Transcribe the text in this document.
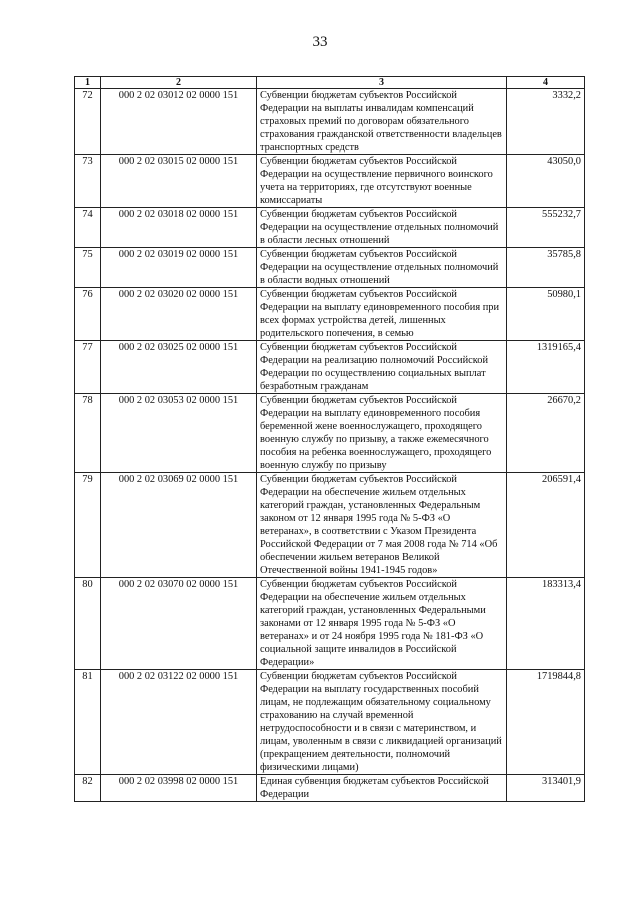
33
1	2	3	4
72	000 2 02 03012 02 0000 151	Субвенции бюджетам субъектов Российской Федерации на выплаты инвалидам компенсаций страховых премий по договорам обязательного страхования гражданской ответственности владельцев транспортных средств	3332,2
73	000 2 02 03015 02 0000 151	Субвенции бюджетам субъектов Российской Федерации на осуществление первичного воинского учета на территориях, где отсутствуют военные комиссариаты	43050,0
74	000 2 02 03018 02 0000 151	Субвенции бюджетам субъектов Российской Федерации на осуществление отдельных полномочий в области лесных отношений	555232,7
75	000 2 02 03019 02 0000 151	Субвенции бюджетам субъектов Российской Федерации на осуществление отдельных полномочий в области водных отношений	35785,8
76	000 2 02 03020 02 0000 151	Субвенции бюджетам субъектов Российской Федерации на выплату единовременного пособия при всех формах устройства детей, лишенных родительского попечения, в семью	50980,1
77	000 2 02 03025 02 0000 151	Субвенции бюджетам субъектов Российской Федерации на реализацию полномочий Российской Федерации по осуществлению социальных выплат безработным гражданам	1319165,4
78	000 2 02 03053 02 0000 151	Субвенции бюджетам субъектов Российской Федерации на выплату единовременного пособия беременной жене военнослужащего, проходящего военную службу по призыву, а также ежемесячного пособия на ребенка военнослужащего, проходящего военную службу по призыву	26670,2
79	000 2 02 03069 02 0000 151	Субвенции бюджетам субъектов Российской Федерации на обеспечение жильем отдельных категорий граждан, установленных Федеральным законом от 12 января 1995 года № 5-ФЗ «О ветеранах», в соответствии с Указом Президента Российской Федерации от 7 мая 2008 года № 714 «Об обеспечении жильем ветеранов Великой Отечественной войны 1941-1945 годов»	206591,4
80	000 2 02 03070 02 0000 151	Субвенции бюджетам субъектов Российской Федерации на обеспечение жильем отдельных категорий граждан, установленных Федеральными законами от 12 января 1995 года № 5-ФЗ «О ветеранах» и от 24 ноября 1995 года № 181-ФЗ «О социальной защите инвалидов в Российской Федерации»	183313,4
81	000 2 02 03122 02 0000 151	Субвенции бюджетам субъектов Российской Федерации на выплату государственных пособий лицам, не подлежащим обязательному социальному страхованию на случай временной нетрудоспособности и в связи с материнством, и лицам, уволенным в связи с ликвидацией организаций (прекращением деятельности, полномочий физическими лицами)	1719844,8
82	000 2 02 03998 02 0000 151	Единая субвенция бюджетам субъектов Российской Федерации	313401,9
